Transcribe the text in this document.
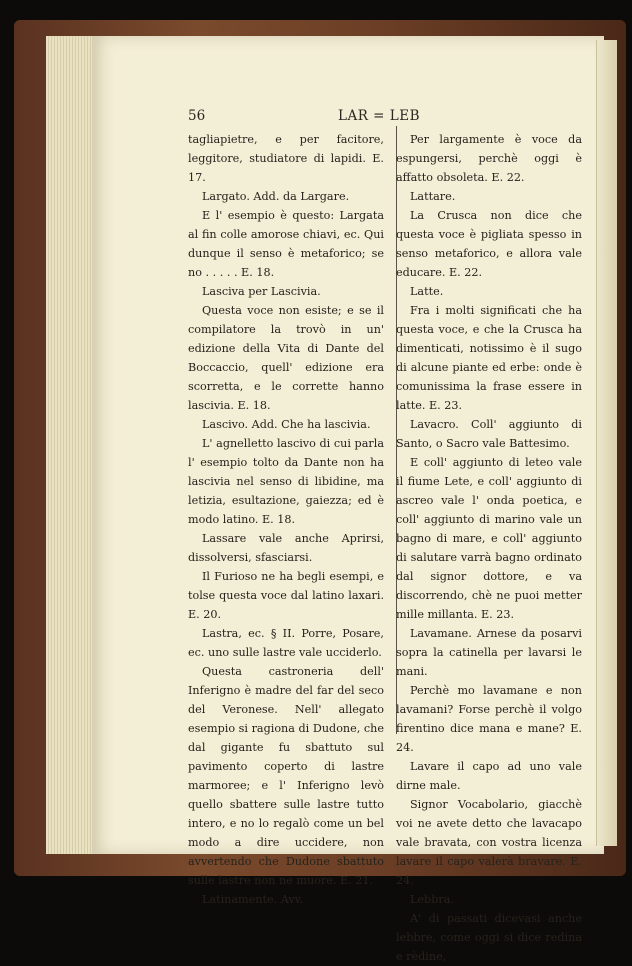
56	LAR = LEB

tagliapietre, e per facitore, leggitore, studiatore di lapidi. E. 17.

Largato. Add. da Largare.

E l' esempio è questo: Largata al fin colle amorose chiavi, ec. Qui dunque il senso è metaforico; se no . . . . . E. 18.

Lasciva per Lascivia.

Questa voce non esiste; e se il compilatore la trovò in un' edizione della Vita di Dante del Boccaccio, quell' edizione era scorretta, e le corrette hanno lascivia. E. 18.

Lascivo. Add. Che ha lascivia.

L' agnelletto lascivo di cui parla l' esempio tolto da Dante non ha lascivia nel senso di libidine, ma letizia, esultazione, gaiezza; ed è modo latino. E. 18.

Lassare vale anche Aprirsi, dissolversi, sfasciarsi.

Il Furioso ne ha begli esempi, e tolse questa voce dal latino laxari. E. 20.

Lastra, ec. § II. Porre, Posare, ec. uno sulle lastre vale ucciderlo.

Questa castroneria dell' Inferigno è madre del far del seco del Veronese. Nell' allegato esempio si ragiona di Dudone, che dal gigante fu sbattuto sul pavimento coperto di lastre marmoree; e l' Inferigno levò quello sbattere sulle lastre tutto intero, e no lo regalò come un bel modo a dire uccidere, non avvertendo che Dudone sbattuto sulle lastre non ne muore. E. 21.

Latinamente. Avv.

Per largamente è voce da espungersi, perchè oggi è affatto obsoleta. E. 22.

Lattare.

La Crusca non dice che questa voce è pigliata spesso in senso metaforico, e allora vale educare. E. 22.

Latte.

Fra i molti significati che ha questa voce, e che la Crusca ha dimenticati, notissimo è il sugo di alcune piante ed erbe: onde è comunissima la frase essere in latte. E. 23.

Lavacro. Coll' aggiunto di Santo, o Sacro vale Battesimo.

E coll' aggiunto di leteo vale il fiume Lete, e coll' aggiunto di ascreo vale l' onda poetica, e coll' aggiunto di marino vale un bagno di mare, e coll' aggiunto di salutare varrà bagno ordinato dal signor dottore, e va discorrendo, chè ne puoi metter mille millanta. E. 23.

Lavamane. Arnese da posarvi sopra la catinella per lavarsi le mani.

Perchè mo lavamane e non lavamani? Forse perchè il volgo firentino dice mana e mane? E. 24.

Lavare il capo ad uno vale dirne male.

Signor Vocabolario, giacchè voi ne avete detto che lavacapo vale bravata, con vostra licenza lavare il capo valerà bravare. E. 24.

Lebbra.

A' di passati dicevasi anche lebbre, come oggi si dice redina e rèdine,
